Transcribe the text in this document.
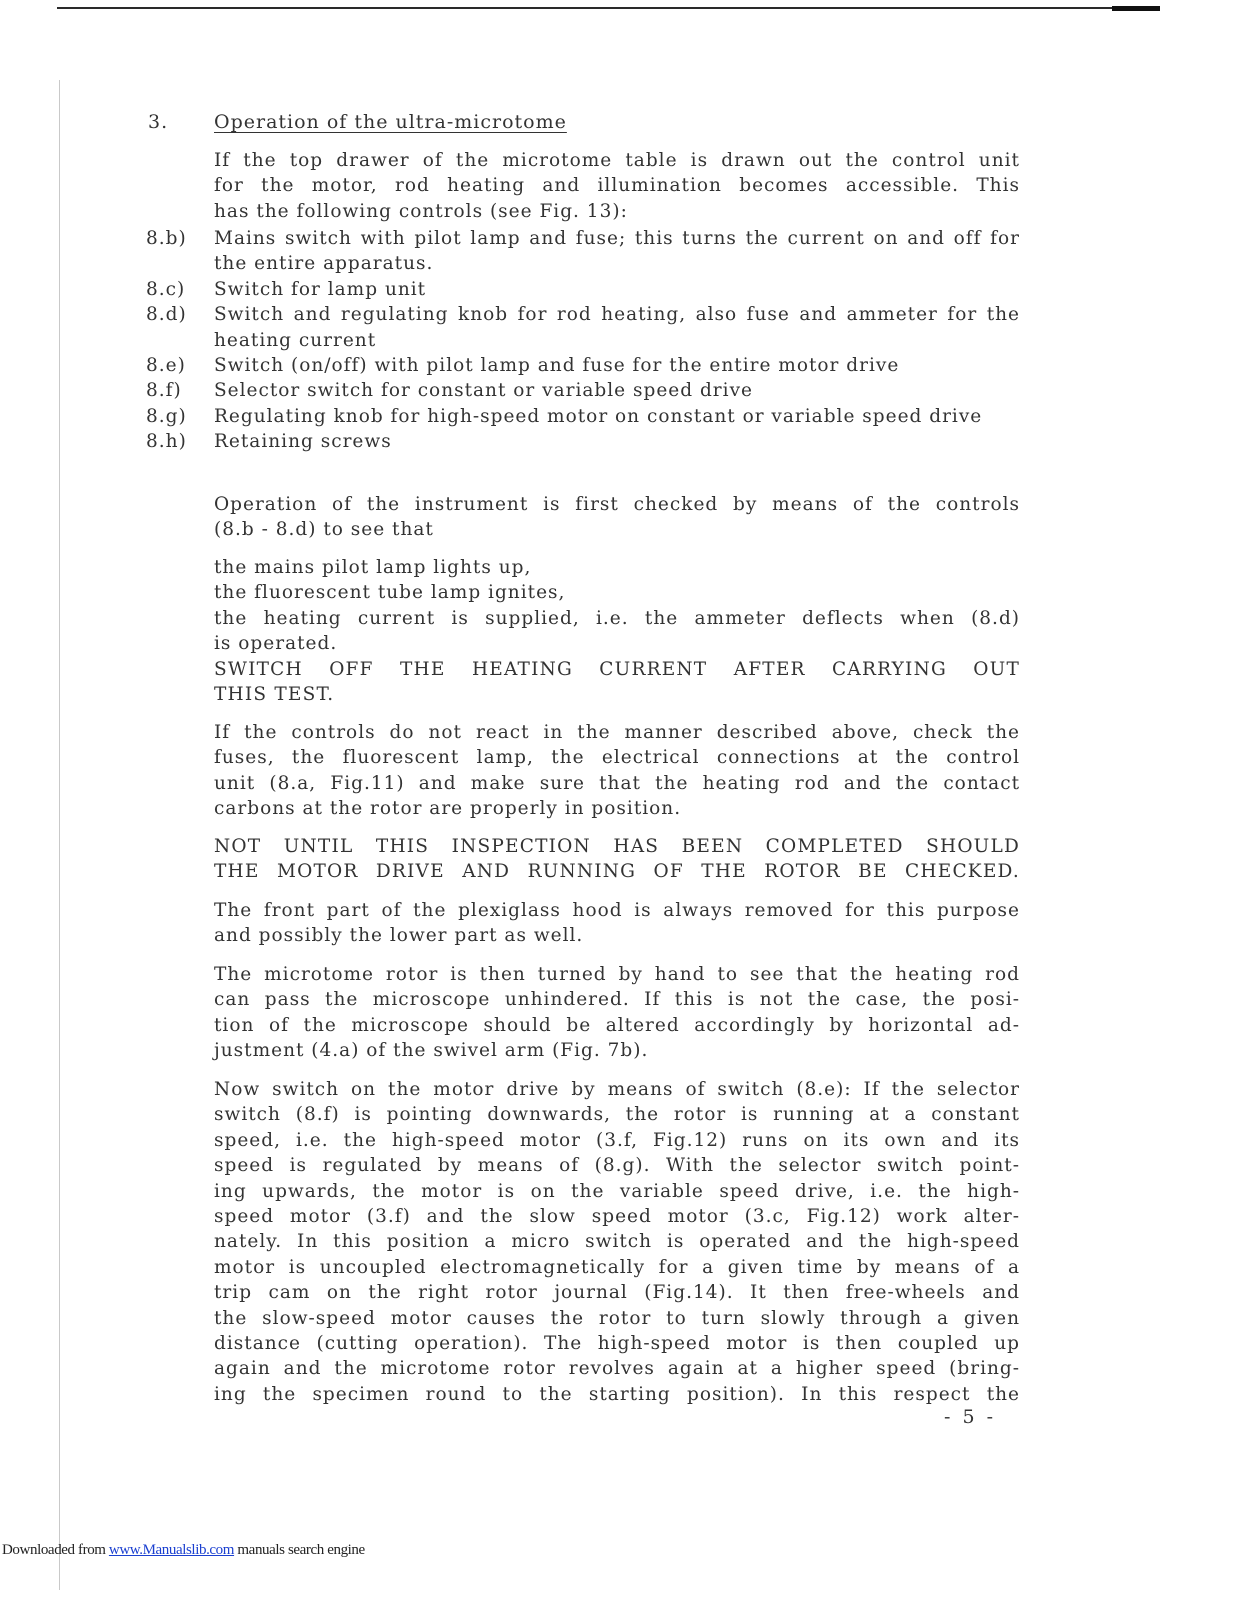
3. Operation of the ultra-microtome
If the top drawer of the microtome table is drawn out the control unit
for the motor, rod heating and illumination becomes accessible. This
has the following controls (see Fig. 13):
8.b)	Mains switch with pilot lamp and fuse; this turns the current on and off for the entire apparatus.
8.c)	Switch for lamp unit
8.d)	Switch and regulating knob for rod heating, also fuse and ammeter for the heating current
8.e)	Switch (on/off) with pilot lamp and fuse for the entire motor drive
8.f)	Selector switch for constant or variable speed drive
8.g)	Regulating knob for high-speed motor on constant or variable speed drive
8.h)	Retaining screws
Operation of the instrument is first checked by means of the controls
(8.b - 8.d) to see that
the mains pilot lamp lights up,
the fluorescent tube lamp ignites,
the heating current is supplied, i.e. the ammeter deflects when (8.d)
is operated.
SWITCH OFF THE HEATING CURRENT AFTER CARRYING OUT
THIS TEST.
If the controls do not react in the manner described above, check the
fuses, the fluorescent lamp, the electrical connections at the control
unit (8.a, Fig.11) and make sure that the heating rod and the contact
carbons at the rotor are properly in position.
NOT UNTIL THIS INSPECTION HAS BEEN COMPLETED SHOULD
THE MOTOR DRIVE AND RUNNING OF THE ROTOR BE CHECKED.
The front part of the plexiglass hood is always removed for this purpose
and possibly the lower part as well.
The microtome rotor is then turned by hand to see that the heating rod
can pass the microscope unhindered. If this is not the case, the posi-
tion of the microscope should be altered accordingly by horizontal ad-
justment (4.a) of the swivel arm (Fig. 7b).
Now switch on the motor drive by means of switch (8.e): If the selector
switch (8.f) is pointing downwards, the rotor is running at a constant
speed, i.e. the high-speed motor (3.f, Fig.12) runs on its own and its
speed is regulated by means of (8.g). With the selector switch point-
ing upwards, the motor is on the variable speed drive, i.e. the high-
speed motor (3.f) and the slow speed motor (3.c, Fig.12) work alter-
nately. In this position a micro switch is operated and the high-speed
motor is uncoupled electromagnetically for a given time by means of a
trip cam on the right rotor journal (Fig.14). It then free-wheels and
the slow-speed motor causes the rotor to turn slowly through a given
distance (cutting operation). The high-speed motor is then coupled up
again and the microtome rotor revolves again at a higher speed (bring-
ing the specimen round to the starting position). In this respect the
- 5 -
Downloaded from www.Manualslib.com manuals search engine
